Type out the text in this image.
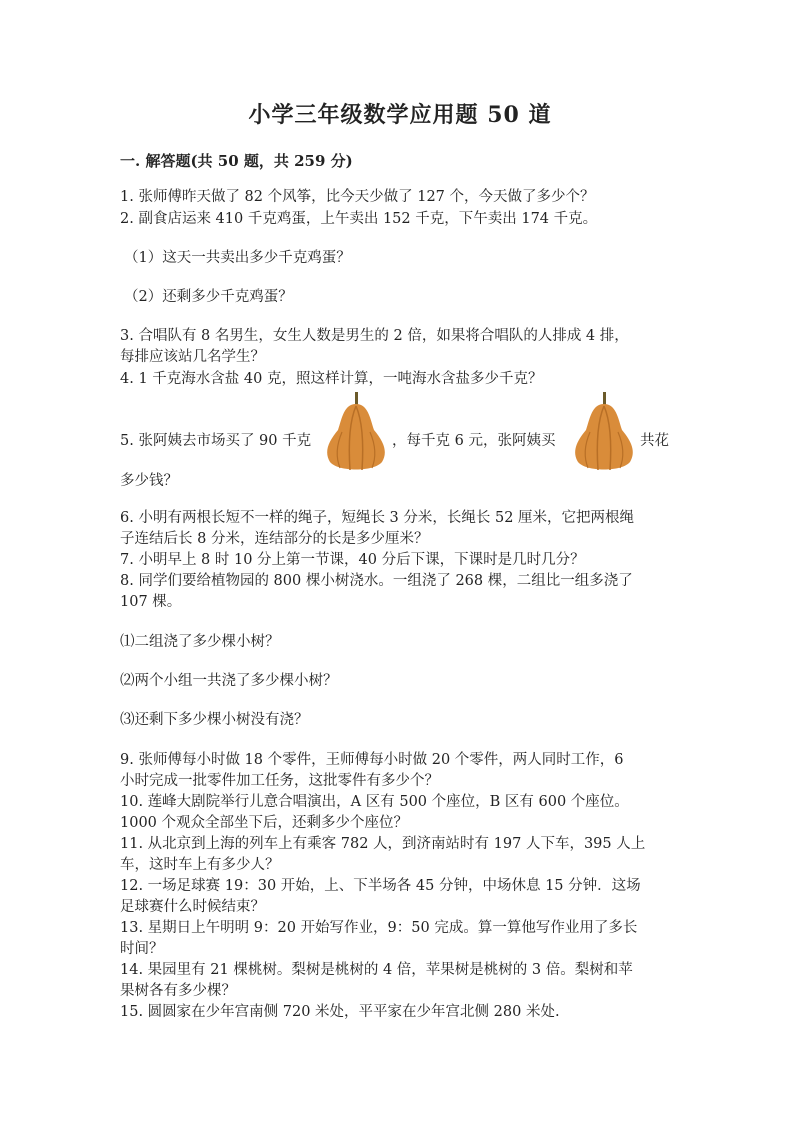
小学三年级数学应用题 50 道
一. 解答题(共 50 题，共 259 分)
1. 张师傅昨天做了 82 个风筝，比今天少做了 127 个，今天做了多少个？
2. 副食店运来 410 千克鸡蛋，上午卖出 152 千克，下午卖出 174 千克。
（1）这天一共卖出多少千克鸡蛋？
（2）还剩多少千克鸡蛋？
3. 合唱队有 8 名男生，女生人数是男生的 2 倍，如果将合唱队的人排成 4 排，
每排应该站几名学生？
4. 1 千克海水含盐 40 克，照这样计算，一吨海水含盐多少千克？
5. 张阿姨去市场买了 90 千克	，每千克 6 元，张阿姨买	共花
多少钱？
6. 小明有两根长短不一样的绳子，短绳长 3 分米，长绳长 52 厘米，它把两根绳
子连结后长 8 分米，连结部分的长是多少厘米？
7. 小明早上 8 时 10 分上第一节课，40 分后下课，下课时是几时几分？
8. 同学们要给植物园的 800 棵小树浇水。一组浇了 268 棵，二组比一组多浇了
107 棵。
⑴二组浇了多少棵小树？
⑵两个小组一共浇了多少棵小树？
⑶还剩下多少棵小树没有浇？
9. 张师傅每小时做 18 个零件，王师傅每小时做 20 个零件，两人同时工作，6
小时完成一批零件加工任务，这批零件有多少个？
10. 莲峰大剧院举行儿意合唱演出，A 区有 500 个座位，B 区有 600 个座位。
1000 个观众全部坐下后，还剩多少个座位？
11. 从北京到上海的列车上有乘客 782 人，到济南站时有 197 人下车，395 人上
车，这时车上有多少人？
12. 一场足球赛 19：30 开始，上、下半场各 45 分钟，中场休息 15 分钟．这场
足球赛什么时候结束？
13. 星期日上午明明 9：20 开始写作业，9：50 完成。算一算他写作业用了多长
时间？
14. 果园里有 21 棵桃树。梨树是桃树的 4 倍，苹果树是桃树的 3 倍。梨树和苹
果树各有多少棵？
15. 圆圆家在少年宫南侧 720 米处，平平家在少年宫北侧 280 米处.
